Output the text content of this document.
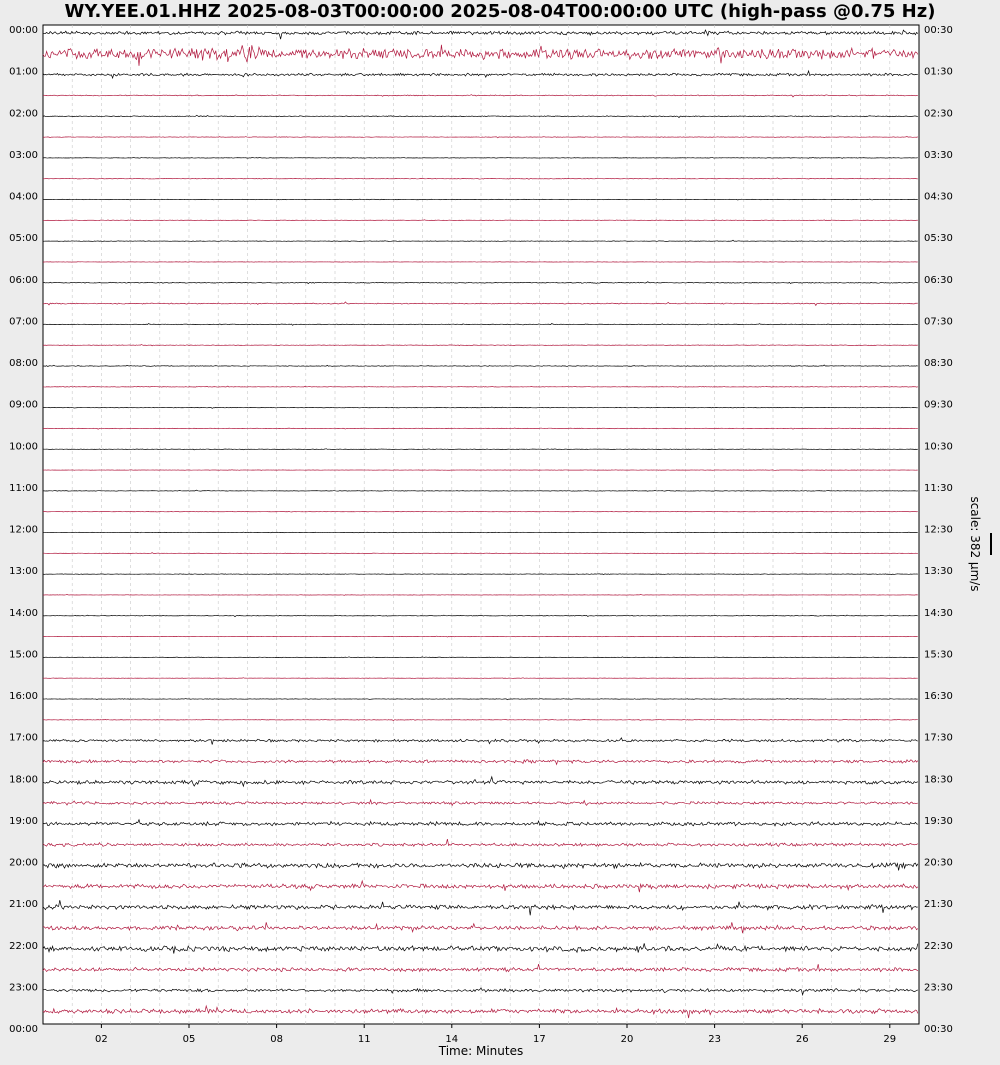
WY.YEE.01.HHZ 2025-08-03T00:00:00 2025-08-04T00:00:00 UTC (high-pass @0.75 Hz)
02	05	08	11	14	17	20	23	26	29
00:00
01:00
02:00
03:00
04:00
05:00
06:00
07:00
08:00
09:00
10:00
11:00
12:00
13:00
14:00
15:00
16:00
17:00
18:00
19:00
20:00
21:00
22:00
23:00
00:00
00:30
01:30
02:30
03:30
04:30
05:30
06:30
07:30
08:30
09:30
10:30
11:30
12:30
13:30
14:30
15:30
16:30
17:30
18:30
19:30
20:30
21:30
22:30
23:30
00:30
Time: Minutes
scale: 382 μm/s
